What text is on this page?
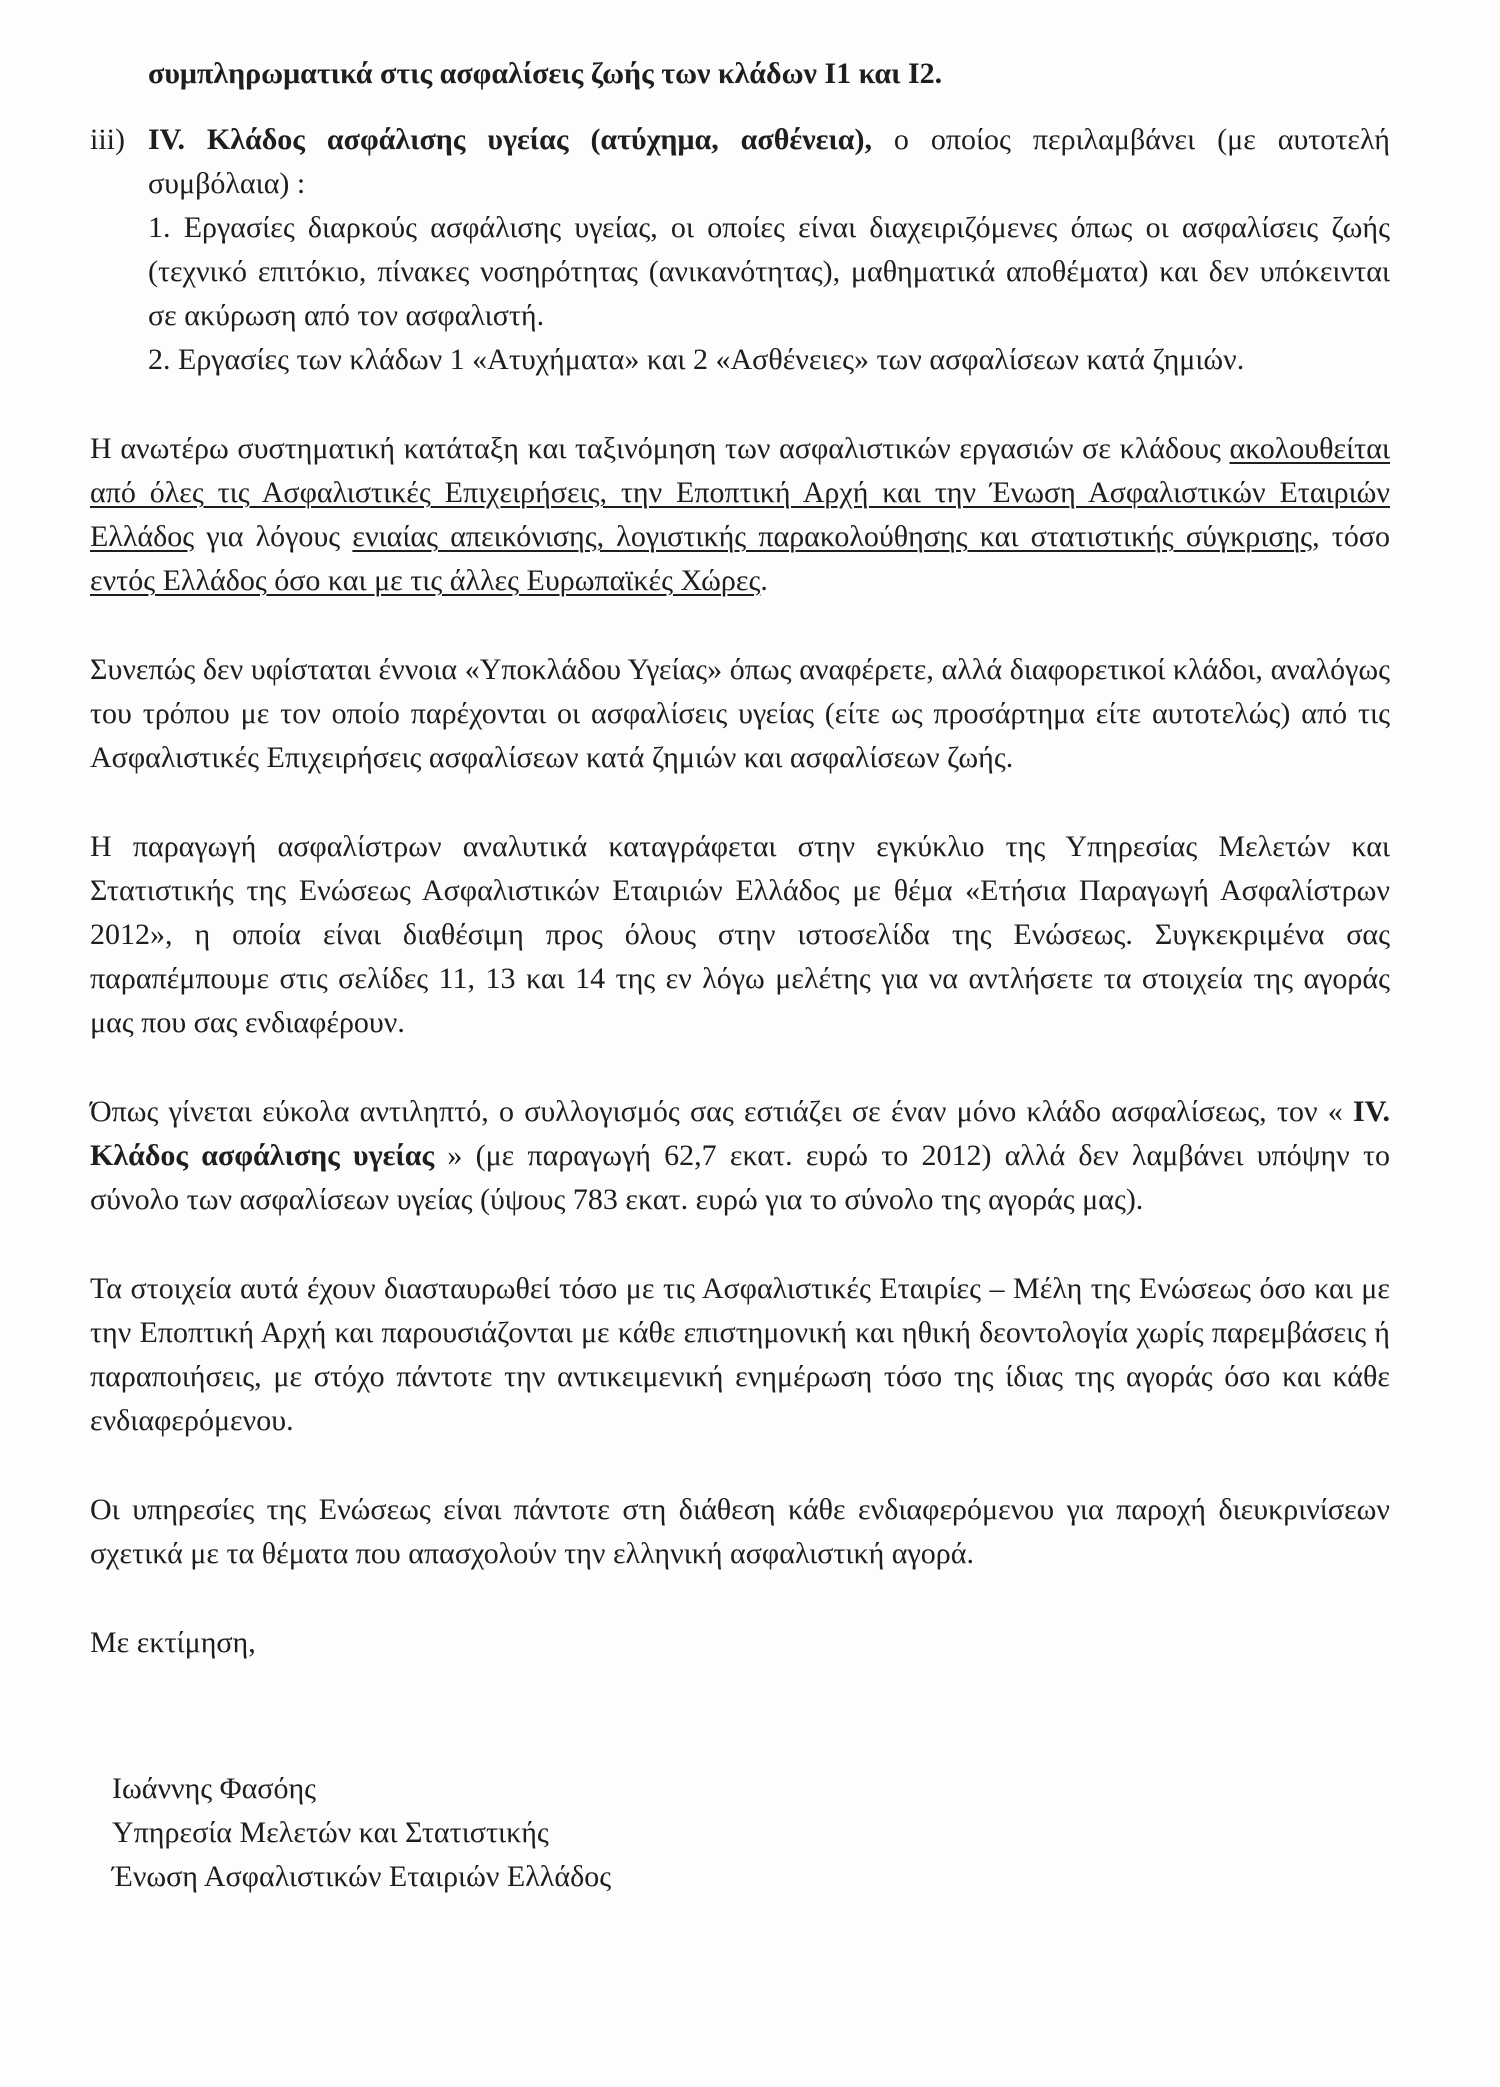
συμπληρωματικά στις ασφαλίσεις ζωής των κλάδων Ι1 και Ι2.

iii) IV. Κλάδος ασφάλισης υγείας (ατύχημα, ασθένεια), ο οποίος περιλαμβάνει (με αυτοτελή συμβόλαια) :

1. Εργασίες διαρκούς ασφάλισης υγείας, οι οποίες είναι διαχειριζόμενες όπως οι ασφαλίσεις ζωής (τεχνικό επιτόκιο, πίνακες νοσηρότητας (ανικανότητας), μαθηματικά αποθέματα) και δεν υπόκεινται σε ακύρωση από τον ασφαλιστή.

2. Εργασίες των κλάδων 1 «Ατυχήματα» και 2 «Ασθένειες» των ασφαλίσεων κατά ζημιών.

Η ανωτέρω συστηματική κατάταξη και ταξινόμηση των ασφαλιστικών εργασιών σε κλάδους ακολουθείται από όλες τις Ασφαλιστικές Επιχειρήσεις, την Εποπτική Αρχή και την Ένωση Ασφαλιστικών Εταιριών Ελλάδος για λόγους ενιαίας απεικόνισης, λογιστικής παρακολούθησης και στατιστικής σύγκρισης, τόσο εντός Ελλάδος όσο και με τις άλλες Ευρωπαϊκές Χώρες.

Συνεπώς δεν υφίσταται έννοια «Υποκλάδου Υγείας» όπως αναφέρετε, αλλά διαφορετικοί κλάδοι, αναλόγως του τρόπου με τον οποίο παρέχονται οι ασφαλίσεις υγείας (είτε ως προσάρτημα είτε αυτοτελώς) από τις Ασφαλιστικές Επιχειρήσεις ασφαλίσεων κατά ζημιών και ασφαλίσεων ζωής.

Η παραγωγή ασφαλίστρων αναλυτικά καταγράφεται στην εγκύκλιο της Υπηρεσίας Μελετών και Στατιστικής της Ενώσεως Ασφαλιστικών Εταιριών Ελλάδος με θέμα «Ετήσια Παραγωγή Ασφαλίστρων 2012», η οποία είναι διαθέσιμη προς όλους στην ιστοσελίδα της Ενώσεως. Συγκεκριμένα σας παραπέμπουμε στις σελίδες 11, 13 και 14 της εν λόγω μελέτης για να αντλήσετε τα στοιχεία της αγοράς μας που σας ενδιαφέρουν.

Όπως γίνεται εύκολα αντιληπτό, ο συλλογισμός σας εστιάζει σε έναν μόνο κλάδο ασφαλίσεως, τον « IV. Κλάδος ασφάλισης υγείας » (με παραγωγή 62,7 εκατ. ευρώ το 2012) αλλά δεν λαμβάνει υπόψην το σύνολο των ασφαλίσεων υγείας (ύψους 783 εκατ. ευρώ για το σύνολο της αγοράς μας).

Τα στοιχεία αυτά έχουν διασταυρωθεί τόσο με τις Ασφαλιστικές Εταιρίες – Μέλη της Ενώσεως όσο και με την Εποπτική Αρχή και παρουσιάζονται με κάθε επιστημονική και ηθική δεοντολογία χωρίς παρεμβάσεις ή παραποιήσεις, με στόχο πάντοτε την αντικειμενική ενημέρωση τόσο της ίδιας της αγοράς όσο και κάθε ενδιαφερόμενου.

Οι υπηρεσίες της Ενώσεως είναι πάντοτε στη διάθεση κάθε ενδιαφερόμενου για παροχή διευκρινίσεων σχετικά με τα θέματα που απασχολούν την ελληνική ασφαλιστική αγορά.

Με εκτίμηση,

Ιωάννης Φασόης

Υπηρεσία Μελετών και Στατιστικής

Ένωση Ασφαλιστικών Εταιριών Ελλάδος
